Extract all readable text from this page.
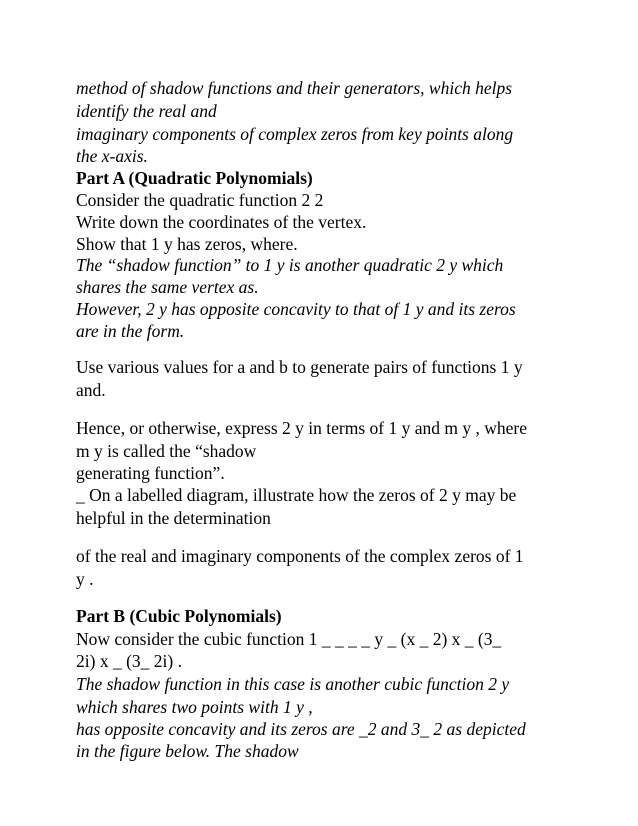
method of shadow functions and their generators, which helps
identify the real and
imaginary components of complex zeros from key points along
the x-axis.
Part A (Quadratic Polynomials)
Consider the quadratic function 2 2
Write down the coordinates of the vertex.
Show that 1 y has zeros, where.
The “shadow function” to 1 y is another quadratic 2 y which
shares the same vertex as.
However, 2 y has opposite concavity to that of 1 y and its zeros
are in the form.
Use various values for a and b to generate pairs of functions 1 y
and.
Hence, or otherwise, express 2 y in terms of 1 y and m y , where
m y is called the “shadow
generating function”.
_ On a labelled diagram, illustrate how the zeros of 2 y may be
helpful in the determination
of the real and imaginary components of the complex zeros of 1
y .
Part B (Cubic Polynomials)
Now consider the cubic function 1 _ _ _ _ y _ (x _ 2) x _ (3_
2i) x _ (3_ 2i) .
The shadow function in this case is another cubic function 2 y
which shares two points with 1 y ,
has opposite concavity and its zeros are _2 and 3_ 2 as depicted
in the figure below. The shadow
